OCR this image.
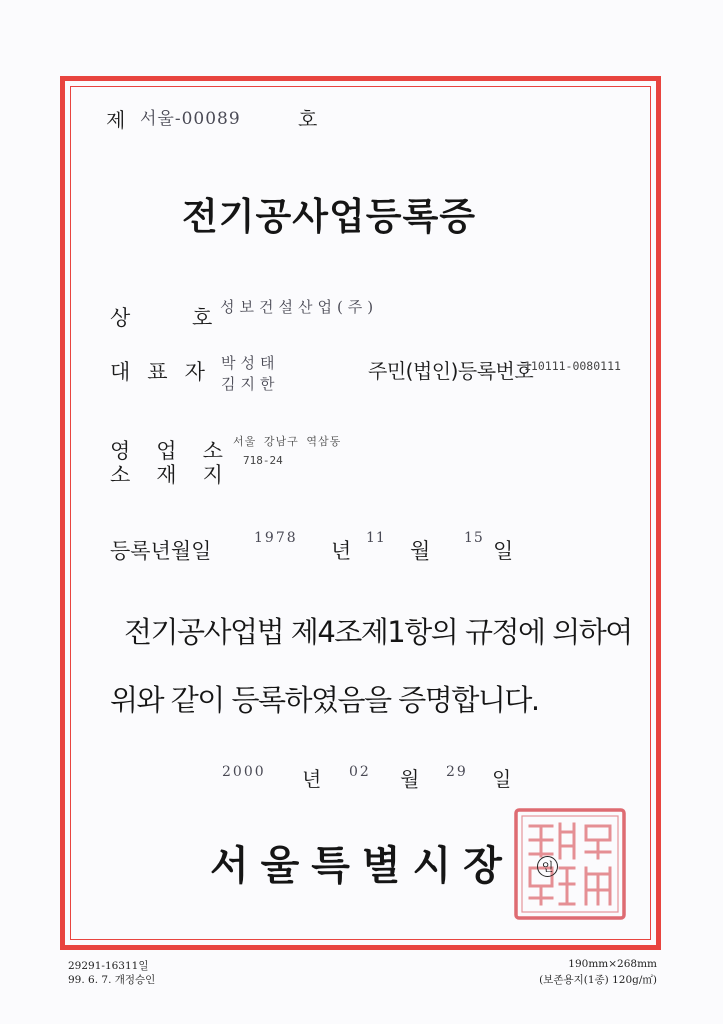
제 서울-00089	호
전기공사업등록증
상	호 성보건설산업(주)
대표자 박성태
김지한
주민(법인)등록번호
110111-0080111
영업소
소재지
서울 강남구 역삼동
718-24
등록년월일
1978
년
11
월
15
일
전기공사업법 제4조제1항의 규정에 의하여
위와 같이 등록하였음을 증명합니다.
2000 년 02 월 29 일
서울특별시장	인
29291-16311일
99. 6. 7. 개정승인
190mm×268mm
(보존용지(1종) 120g/㎡)
